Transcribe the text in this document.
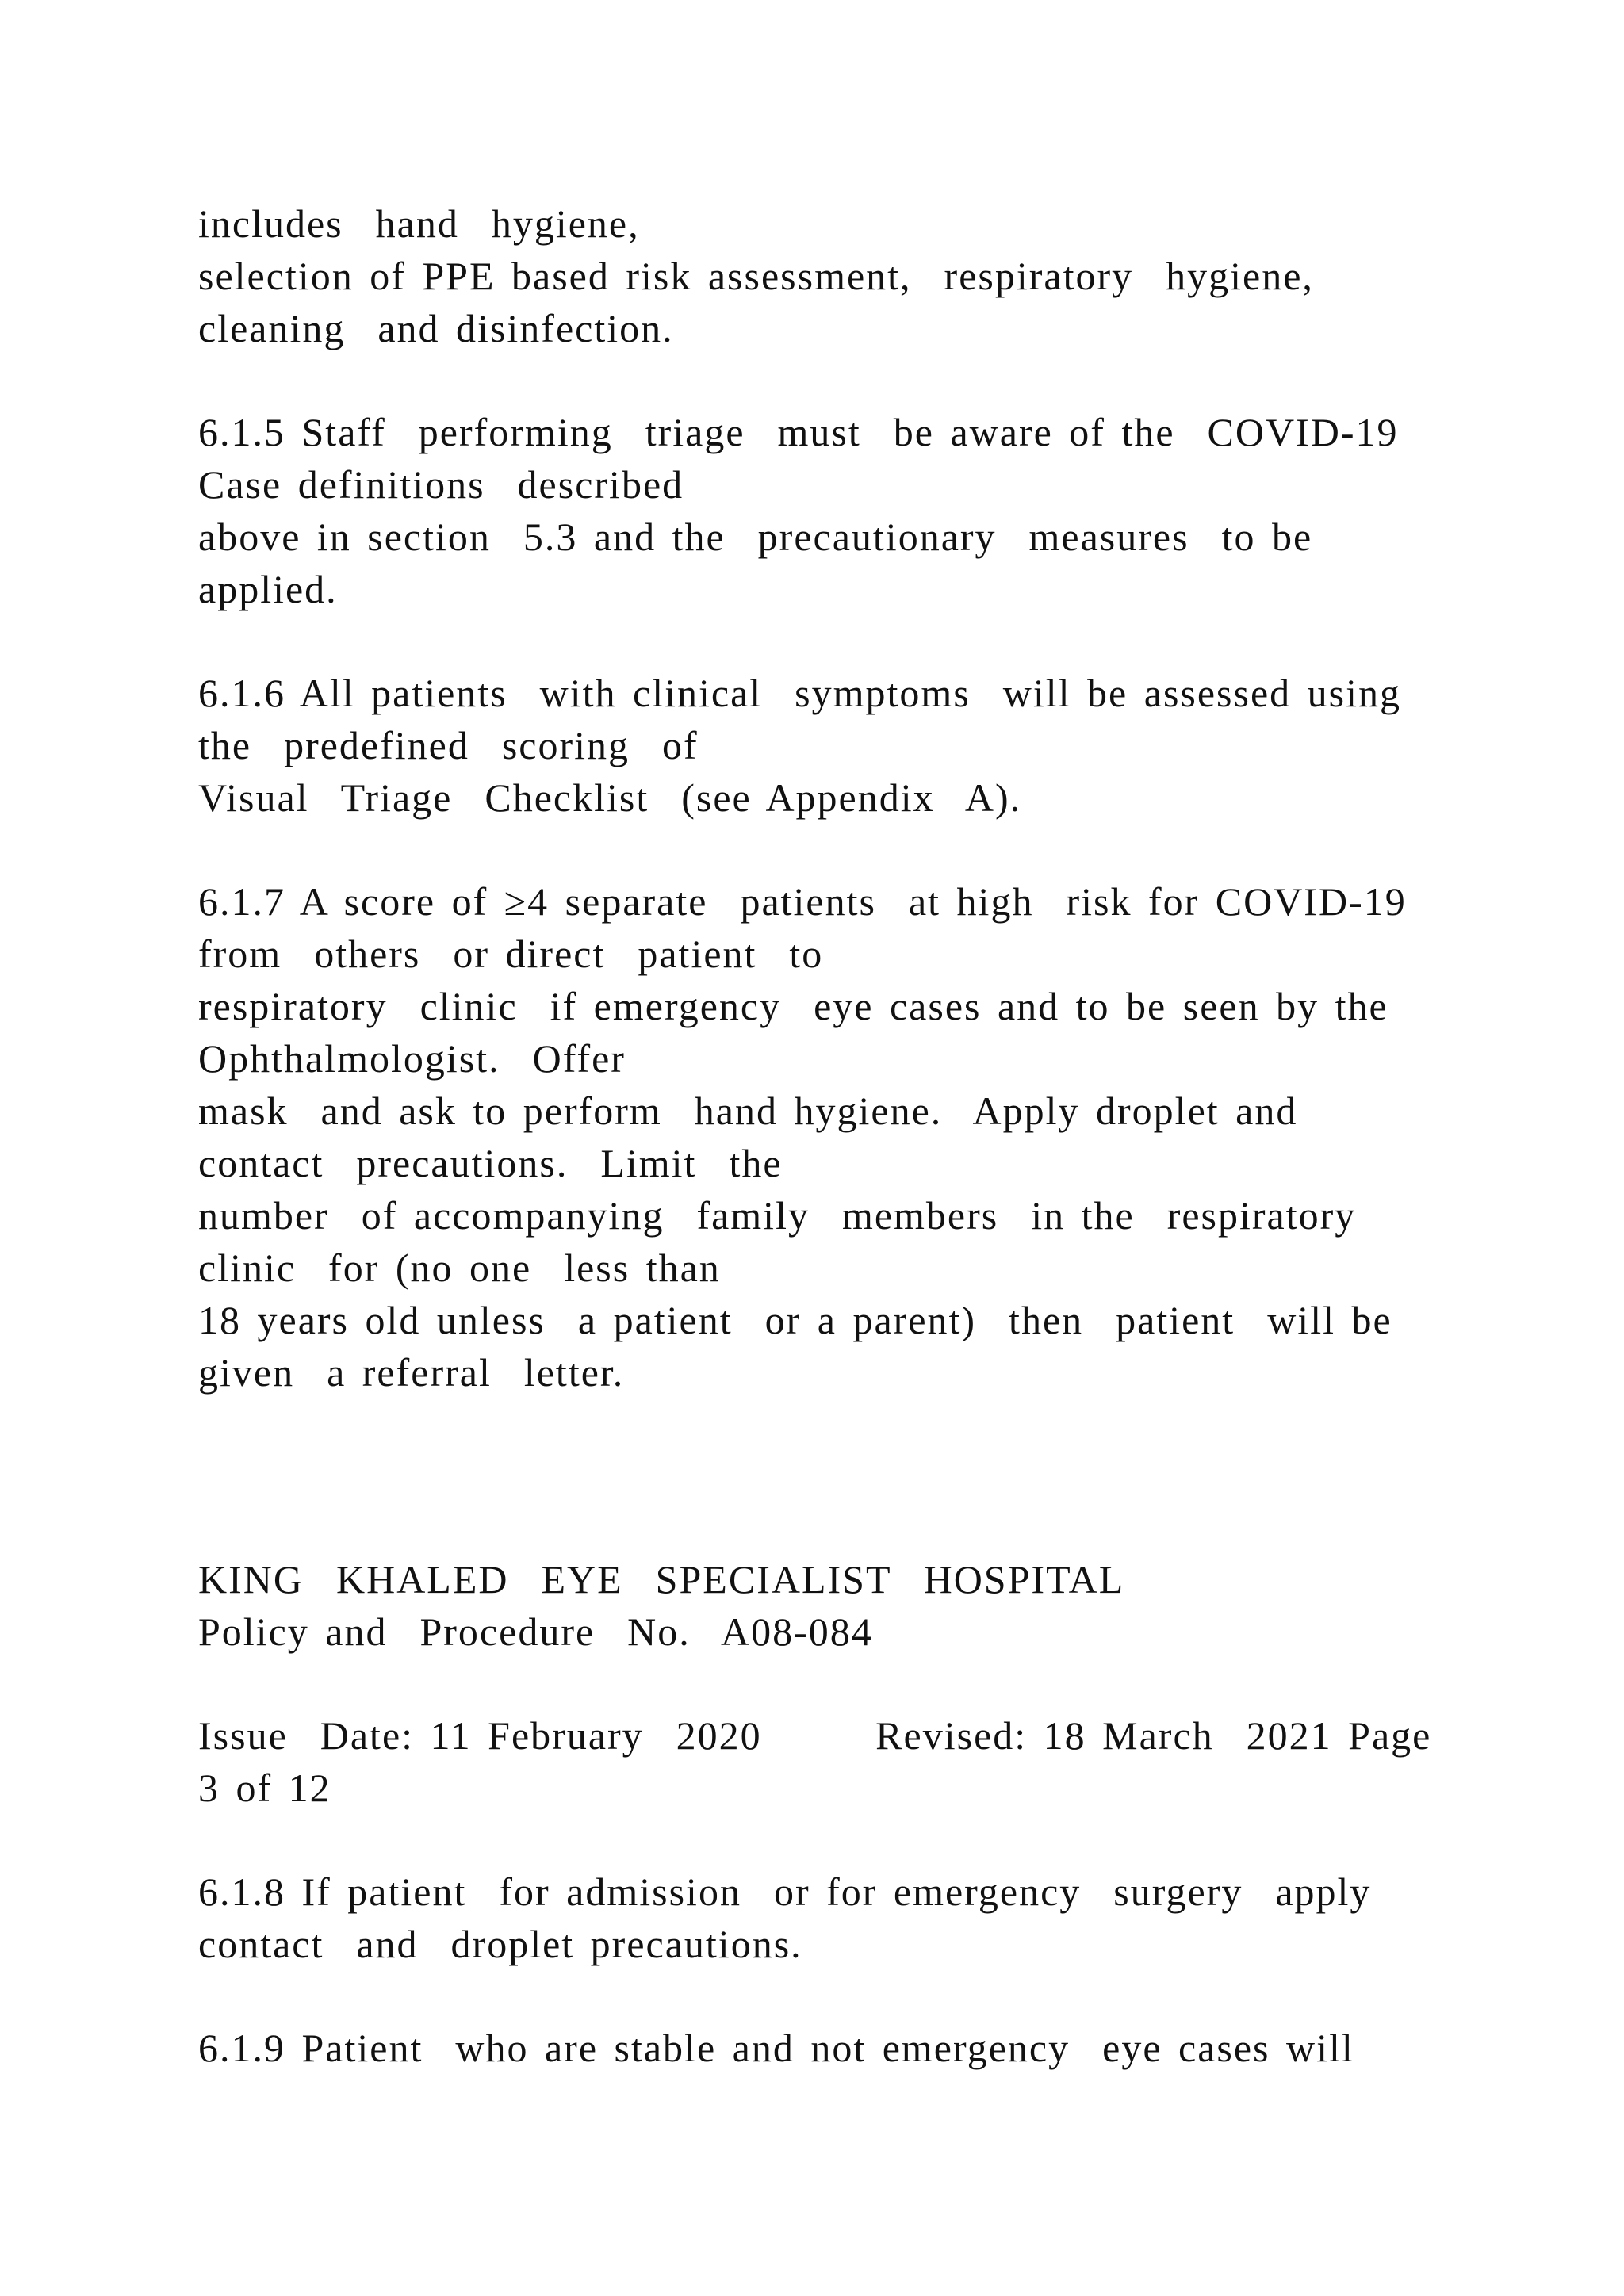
includes  hand  hygiene,
selection of PPE based risk assessment,  respiratory  hygiene,
cleaning  and disinfection.
6.1.5 Staff  performing  triage  must  be aware of the  COVID-19
Case definitions  described
above in section  5.3 and the  precautionary  measures  to be
applied.
6.1.6 All patients  with clinical  symptoms  will be assessed using
the  predefined  scoring  of
Visual  Triage  Checklist  (see Appendix  A).
6.1.7 A score of ≥4 separate  patients  at high  risk for COVID-19
from  others  or direct  patient  to
respiratory  clinic  if emergency  eye cases and to be seen by the
Ophthalmologist.  Offer
mask  and ask to perform  hand hygiene.  Apply droplet and
contact  precautions.  Limit  the
number  of accompanying  family  members  in the  respiratory
clinic  for (no one  less than
18 years old unless  a patient  or a parent)  then  patient  will be
given  a referral  letter.
KING  KHALED  EYE  SPECIALIST  HOSPITAL
Policy and  Procedure  No.  A08-084
Issue  Date: 11 February  2020       Revised: 18 March  2021 Page
3 of 12
6.1.8 If patient  for admission  or for emergency  surgery  apply
contact  and  droplet precautions.
6.1.9 Patient  who are stable and not emergency  eye cases will
